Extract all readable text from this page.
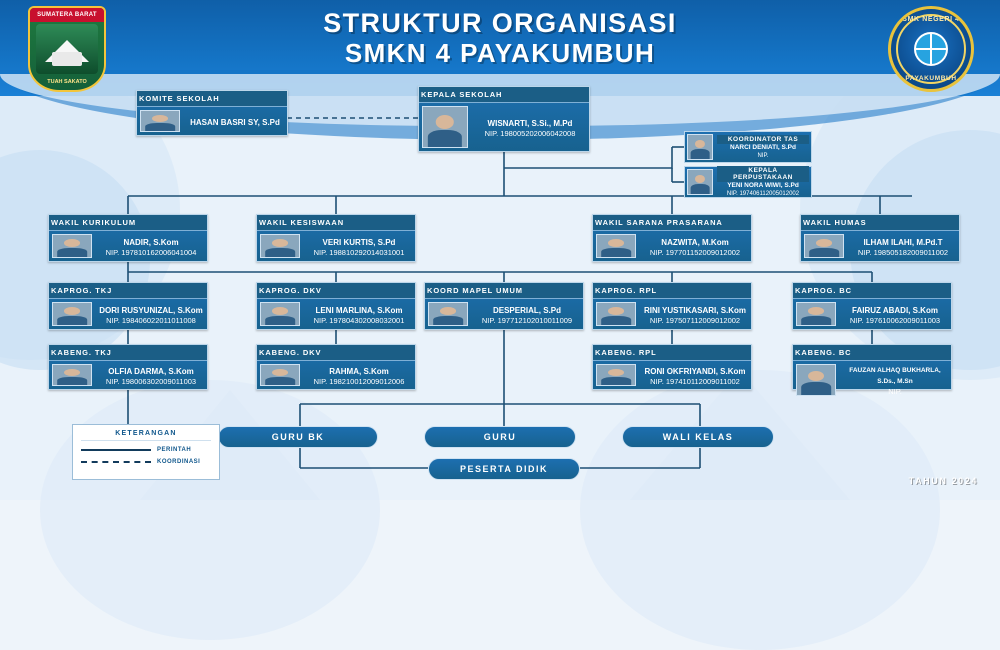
SUMATERA BARAT
TUAH SAKATO
SMK NEGERI 4
PAYAKUMBUH
STRUKTUR ORGANISASI
SMKN 4 PAYAKUMBUH
KOMITE SEKOLAH
HASAN BASRI SY, S.Pd
KEPALA SEKOLAH
WISNARTI, S.Si., M.Pd
NIP. 198005202006042008
KOORDINATOR TAS
NARCI DENIATI, S.Pd
NIP.
KEPALA PERPUSTAKAAN
YENI NORA WIWI, S.Pd
NIP. 197406112005012002
WAKIL KURIKULUM
NADIR, S.Kom
NIP. 197810162006041004
WAKIL KESISWAAN
VERI KURTIS, S.Pd
NIP. 198810292014031001
WAKIL SARANA PRASARANA
NAZWITA, M.Kom
NIP. 197701152009012002
WAKIL HUMAS
ILHAM ILAHI, M.Pd.T
NIP. 198505182009011002
KAPROG. TKJ
DORI RUSYUNIZAL, S.Kom
NIP. 198406022011011008
KAPROG. DKV
LENI MARLINA, S.Kom
NIP. 197804302008032001
KOORD MAPEL UMUM
DESPERIAL, S.Pd
NIP. 197712102010011009
KAPROG. RPL
RINI YUSTIKASARI, S.Kom
NIP. 197507112009012002
KAPROG. BC
FAIRUZ ABADI, S.Kom
NIP. 197610062009011003
KABENG. TKJ
OLFIA DARMA, S.Kom
NIP. 198006302009011003
KABENG. DKV
RAHMA, S.Kom
NIP. 198210012009012006
KABENG. RPL
RONI OKFRIYANDI, S.Kom
NIP. 197410112009011002
KABENG. BC
FAUZAN ALHAQ BUKHARLA, S.Ds., M.Sn
NIP.
GURU BK	GURU	WALI KELAS
PESERTA DIDIK
KETERANGAN
PERINTAH
KOORDINASI
TAHUN 2024
